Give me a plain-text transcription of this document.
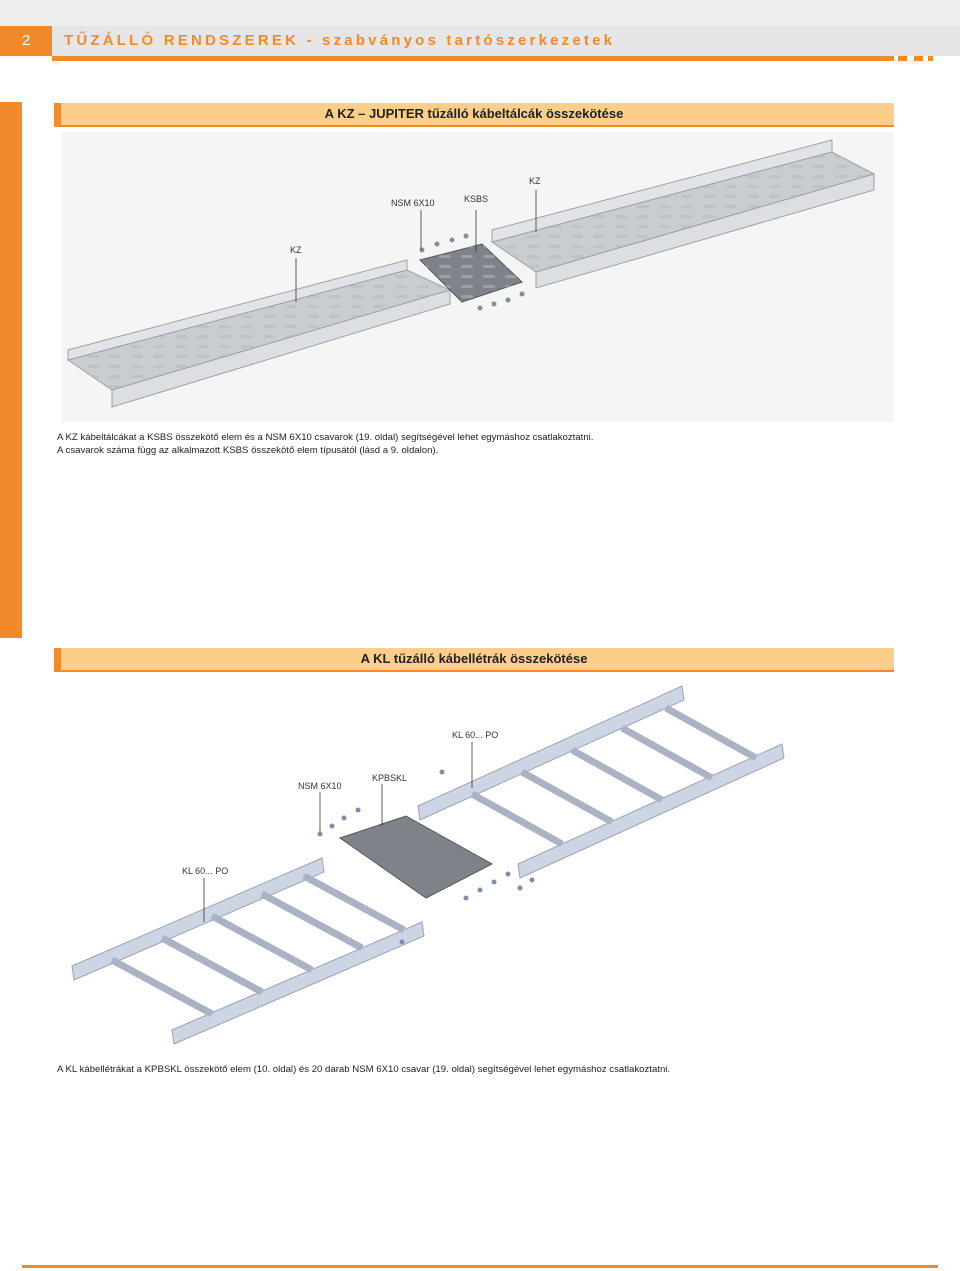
2	TŰZÁLLÓ RENDSZEREK - szabványos tartószerkezetek
A KZ – JUPITER tűzálló kábeltálcák összekötése
NSM 6X10	KSBS
KZ
KZ
A KZ kábeltálcákat a KSBS összekötő elem és a NSM 6X10 csavarok (19. oldal) segítségével lehet egymáshoz csatlakoztatni.
A csavarok száma függ az alkalmazott KSBS összekötő elem típusától (lásd a 9. oldalon).
A KL tűzálló kábellétrák összekötése
KL 60... PO
NSM 6X10
KPBSKL
KL 60... PO
A KL kábellétrákat a KPBSKL összekötő elem (10. oldal) és 20 darab NSM 6X10 csavar (19. oldal) segítségével lehet egymáshoz csatlakoztatni.
